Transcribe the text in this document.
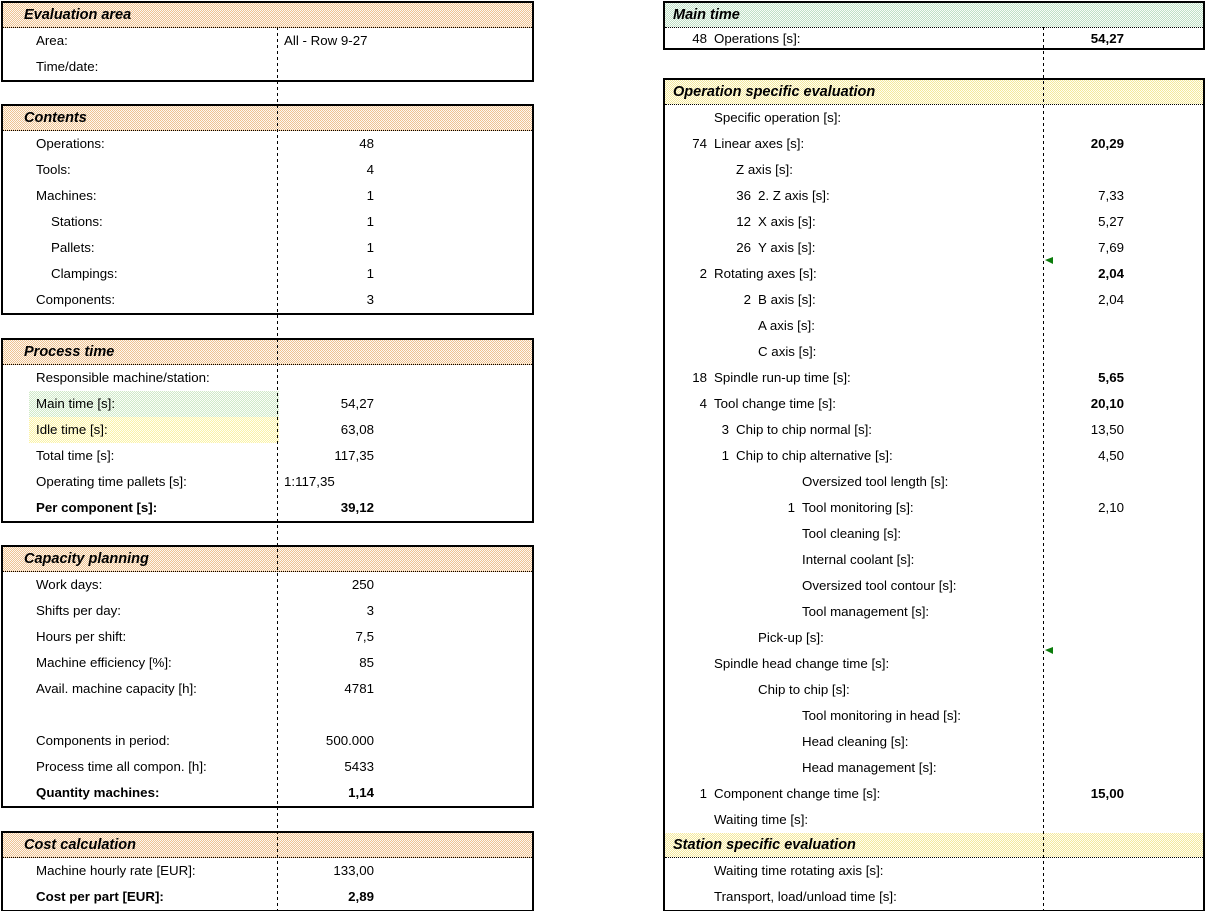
Evaluation area
Area:	All - Row 9-27
Time/date:
Contents
Operations:	48
Tools:	4
Machines:	1
Stations:	1
Pallets:	1
Clampings:	1
Components:	3
Process time
Responsible machine/station:
Main time [s]:	54,27
Idle time [s]:	63,08
Total time [s]:	117,35
Operating time pallets [s]:	1:117,35
Per component [s]:	39,12
Capacity planning
Work days:	250
Shifts per day:	3
Hours per shift:	7,5
Machine efficiency [%]:	85
Avail. machine capacity [h]:	4781
Components in period:	500.000
Process time all compon. [h]:	5433
Quantity machines:	1,14
Cost calculation
Machine hourly rate [EUR]:	133,00
Cost per part [EUR]:	2,89
Main time
48 Operations [s]:	54,27
Operation specific evaluation
Specific operation [s]:
74 Linear axes [s]:	20,29
Z axis [s]:
36 2. Z axis [s]:	7,33
12 X axis [s]:	5,27
26 Y axis [s]:	7,69
2 Rotating axes [s]:	2,04
2 B axis [s]:	2,04
A axis [s]:
C axis [s]:
18 Spindle run-up time [s]:	5,65
4 Tool change time [s]:	20,10
3 Chip to chip normal [s]:	13,50
1 Chip to chip alternative [s]:	4,50
Oversized tool length [s]:
1 Tool monitoring [s]:	2,10
Tool cleaning [s]:
Internal coolant [s]:
Oversized tool contour [s]:
Tool management [s]:
Pick-up [s]:
Spindle head change time [s]:
Chip to chip [s]:
Tool monitoring in head [s]:
Head cleaning [s]:
Head management [s]:
1 Component change time [s]:	15,00
Waiting time [s]:
Station specific evaluation
Waiting time rotating axis [s]:
Transport, load/unload time [s]:
